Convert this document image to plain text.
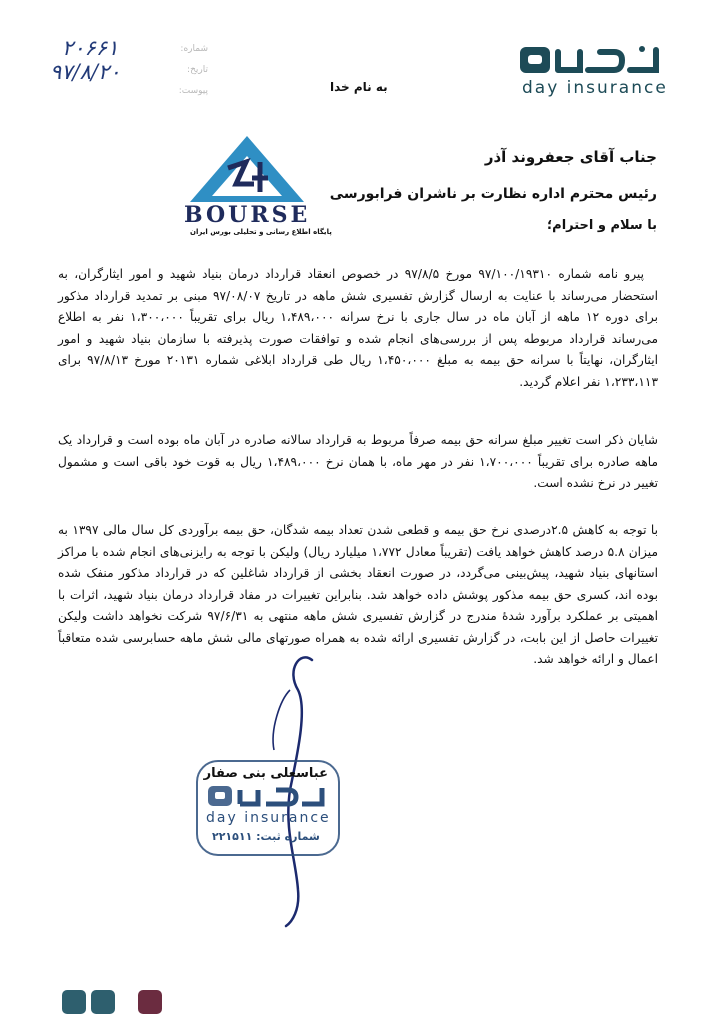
۲۰۶۶۱
۹۷/۸/۲۰
شماره:
تاریخ:
پیوست:	به نام خدا	day insurance
BOURSE
پایگاه اطلاع رسانی و تحلیلی بورس ایران
جناب آقای جعفروند آذر
رئیس محترم اداره نظارت بر ناشران فرابورسی
با سلام و احترام؛
پیرو نامه شماره ۹۷/۱۰۰/۱۹۳۱۰ مورخ ۹۷/۸/۵ در خصوص انعقاد قرارداد درمان بنیاد شهید و امور ایثارگران، به استحضار می‌رساند با عنایت به ارسال گزارش تفسیری شش ماهه در تاریخ ۹۷/۰۸/۰۷ مبنی بر تمدید قرارداد مذکور برای دوره ۱۲ ماهه از آبان ماه در سال جاری با نرخ سرانه ۱،۴۸۹،۰۰۰ ریال برای تقریباً ۱،۳۰۰،۰۰۰ نفر به اطلاع می‌رساند قرارداد مربوطه پس از بررسی‌های انجام شده و توافقات صورت پذیرفته با سازمان بنیاد شهید و امور ایثارگران، نهایتاً با سرانه حق بیمه به مبلغ ۱،۴۵۰،۰۰۰ ریال طی قرارداد ابلاغی شماره ۲۰۱۳۱ مورخ ۹۷/۸/۱۳ برای ۱،۲۳۳،۱۱۳ نفر اعلام گردید.
شایان ذکر است تغییر مبلغ سرانه حق بیمه صرفاً مربوط به قرارداد سالانه صادره در آبان ماه بوده است و قرارداد یک ماهه صادره برای تقریباً ۱،۷۰۰،۰۰۰ نفر در مهر ماه، با همان نرخ ۱،۴۸۹،۰۰۰ ریال به قوت خود باقی است و مشمول تغییر در نرخ نشده است.
با توجه به کاهش ۲.۵درصدی نرخ حق بیمه و قطعی شدن تعداد بیمه شدگان، حق بیمه برآوردی کل سال مالی ۱۳۹۷ به میزان ۵.۸ درصد کاهش خواهد یافت (تقریباً معادل ۱،۷۷۲ میلیارد ریال) ولیکن با توجه به رایزنی‌های انجام شده با مراکز استانهای بنیاد شهید، پیش‌بینی می‌گردد، در صورت انعقاد بخشی از قرارداد شاغلین که در قرارداد مذکور منفک شده بوده اند، کسری حق بیمه مذکور پوشش داده خواهد شد. بنابراین تغییرات در مفاد قرارداد درمان بنیاد شهید، اثرات با اهمیتی بر عملکرد برآورد شدهٔ مندرج در گزارش تفسیری شش ماهه منتهی به ۹۷/۶/۳۱ شرکت نخواهد داشت ولیکن تغییرات حاصل از این بابت، در گزارش تفسیری ارائه شده به همراه صورتهای مالی شش ماهه حسابرسی شده متعاقباً اعمال و ارائه خواهد شد.
عباسعلی بنی صفار
day insurance
شماره ثبت: ۲۲۱۵۱۱
